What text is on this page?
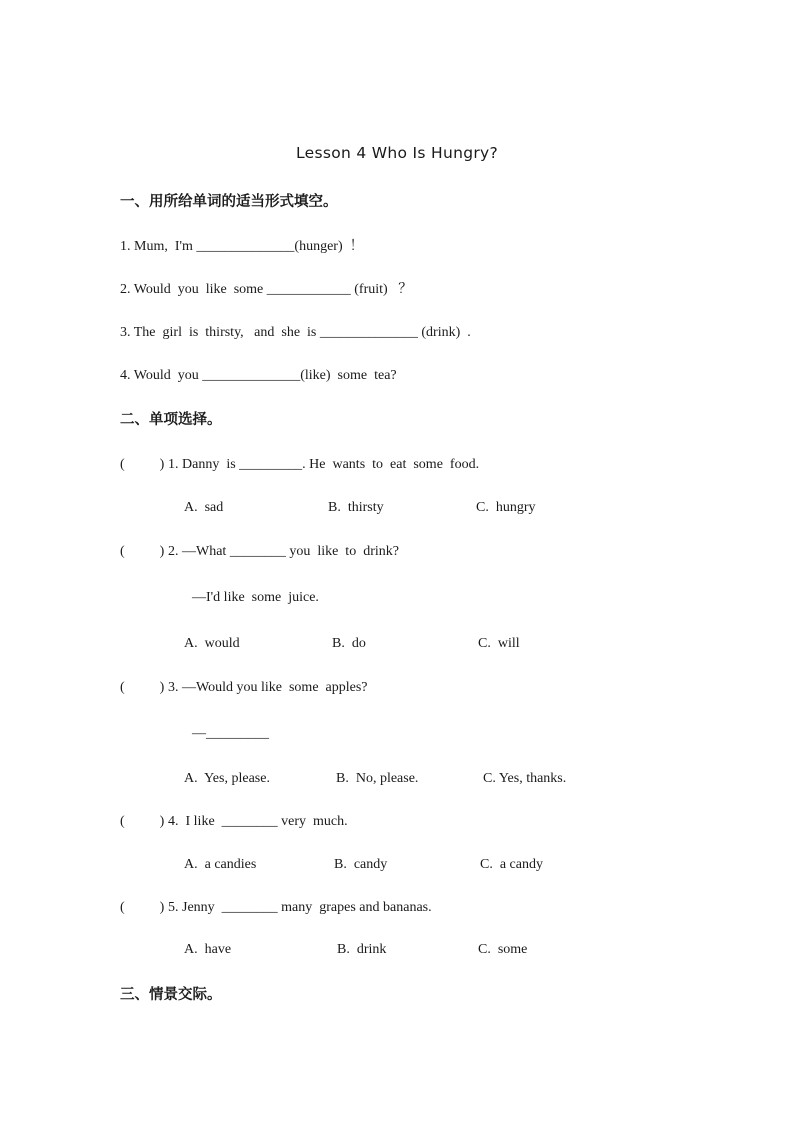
Lesson 4 Who Is Hungry?
一、用所给单词的适当形式填空。
1. Mum,  I'm ______________(hunger)  ！
2. Would  you  like  some ____________ (fruit)   ？
3. The  girl  is  thirsty,   and  she  is ______________ (drink)  .
4. Would  you ______________(like)  some  tea?
二、单项选择。
(          ) 1. Danny  is _________. He  wants  to  eat  some  food.
A.  sad	B.  thirsty	C.  hungry
(          ) 2. —What ________ you  like  to  drink?
—I'd like  some  juice.
A.  would	B.  do	C.  will
(          ) 3. —Would you like  some  apples?
—_________
A.  Yes, please.	B.  No, please.	C. Yes, thanks.
(          ) 4.  I like  ________ very  much.
A.  a candies	B.  candy	C.  a candy
(          ) 5. Jenny  ________ many  grapes and bananas.
A.  have	B.  drink	C.  some
三、情景交际。
